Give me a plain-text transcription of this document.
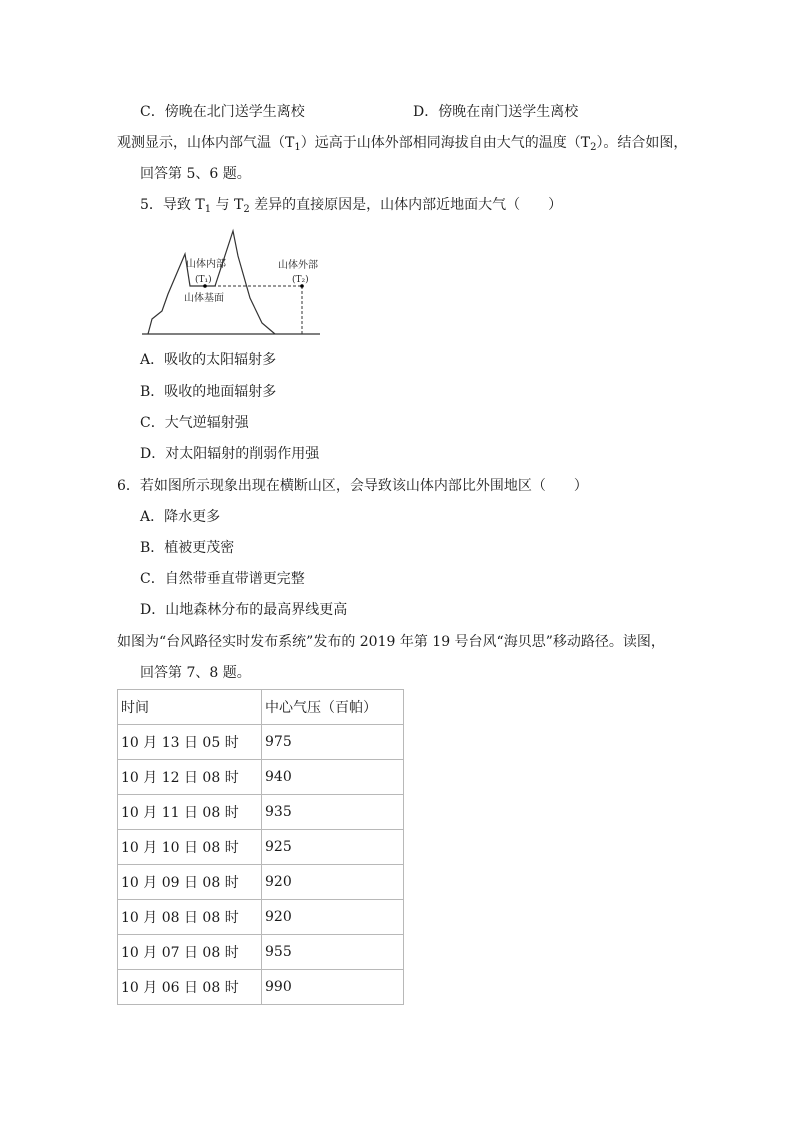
C．傍晚在北门送学生离校	D．傍晚在南门送学生离校
观测显示，山体内部气温$(T_1)$远高于山体外部相同海拔自由大气的温度$(T_2)$。结合如图，
回答第 5、6 题。
5．导致 $T_1$ 与 $T_2$ 差异的直接原因是，山体内部近地面大气（　　）
山体内部
(T₁)
山体外部
(T₂)
山体基面
A．吸收的太阳辐射多
B．吸收的地面辐射多
C．大气逆辐射强
D．对太阳辐射的削弱作用强
6．若如图所示现象出现在横断山区，会导致该山体内部比外围地区（　　）
A．降水更多
B．植被更茂密
C．自然带垂直带谱更完整
D．山地森林分布的最高界线更高
如图为“台风路径实时发布系统”发布的 2019 年第 19 号台风“海贝思”移动路径。读图，
回答第 7、8 题。
时间	中心气压（百帕）
10 月 13 日 05 时	975
10 月 12 日 08 时	940
10 月 11 日 08 时	935
10 月 10 日 08 时	925
10 月 09 日 08 时	920
10 月 08 日 08 时	920
10 月 07 日 08 时	955
10 月 06 日 08 时	990
